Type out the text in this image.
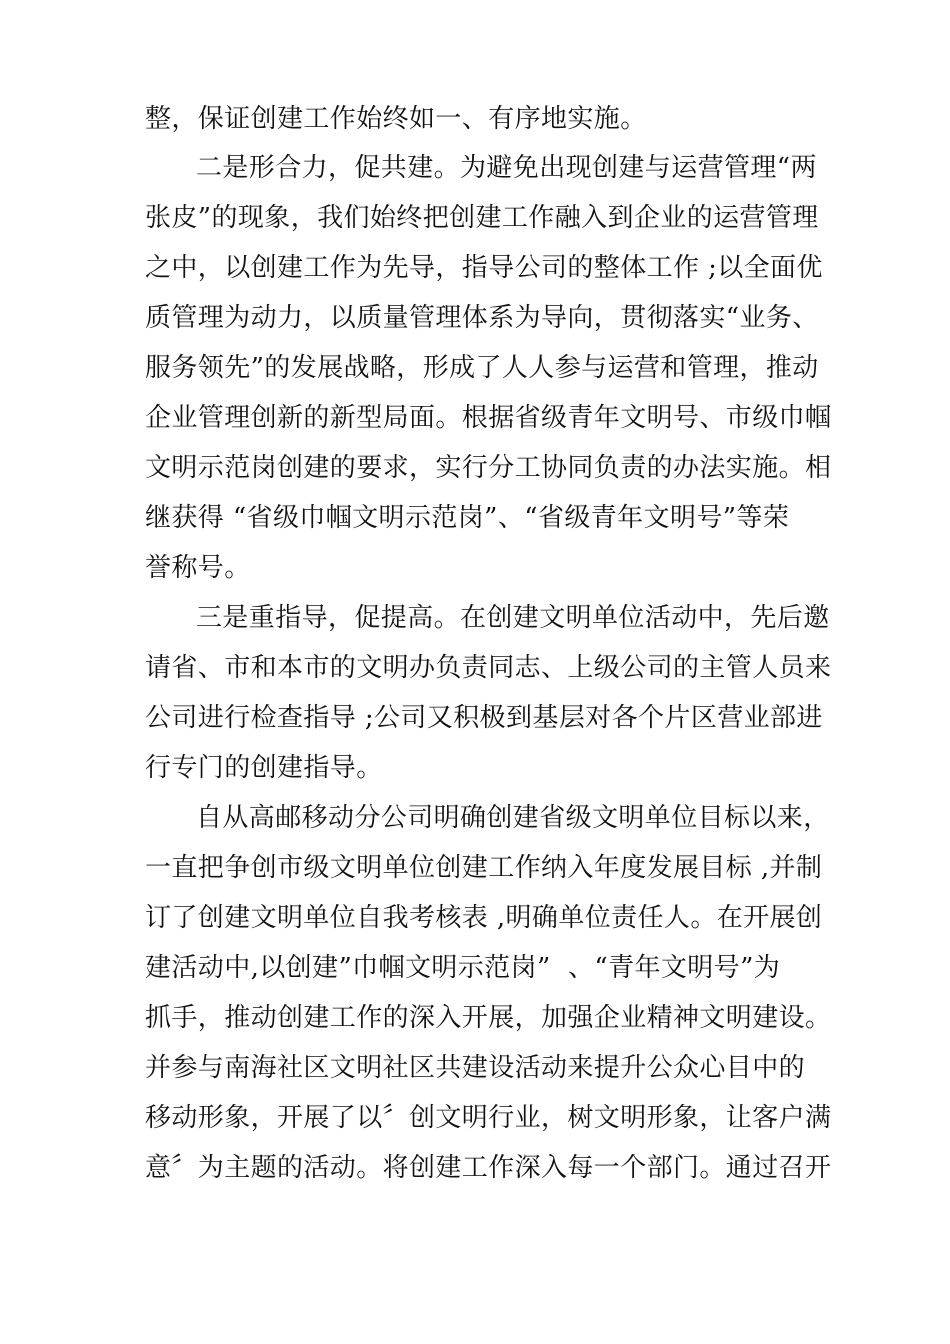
整，保证创建工作始终如一、有序地实施。
二是形合力，促共建。为避免出现创建与运营管理“两
张皮”的现象，我们始终把创建工作融入到企业的运营管理
之中，以创建工作为先导，指导公司的整体工作 ;以全面优
质管理为动力，以质量管理体系为导向，贯彻落实“业务、
服务领先”的发展战略，形成了人人参与运营和管理，推动
企业管理创新的新型局面。根据省级青年文明号、市级巾帼
文明示范岗创建的要求，实行分工协同负责的办法实施。相
继获得 “省级巾帼文明示范岗”、“省级青年文明号”等荣
誉称号。
三是重指导，促提高。在创建文明单位活动中，先后邀
请省、市和本市的文明办负责同志、上级公司的主管人员来
公司进行检查指导 ;公司又积极到基层对各个片区营业部进
行专门的创建指导。
自从高邮移动分公司明确创建省级文明单位目标以来，
一直把争创市级文明单位创建工作纳入年度发展目标 ,并制
订了创建文明单位自我考核表 ,明确单位责任人。在开展创
建活动中,以创建”巾帼文明示范岗”  、“青年文明号”为
抓手，推动创建工作的深入开展，加强企业精神文明建设。
并参与南海社区文明社区共建设活动来提升公众心目中的
移动形象，开展了以〞创文明行业，树文明形象，让客户满
意〞为主题的活动。将创建工作深入每一个部门。通过召开
